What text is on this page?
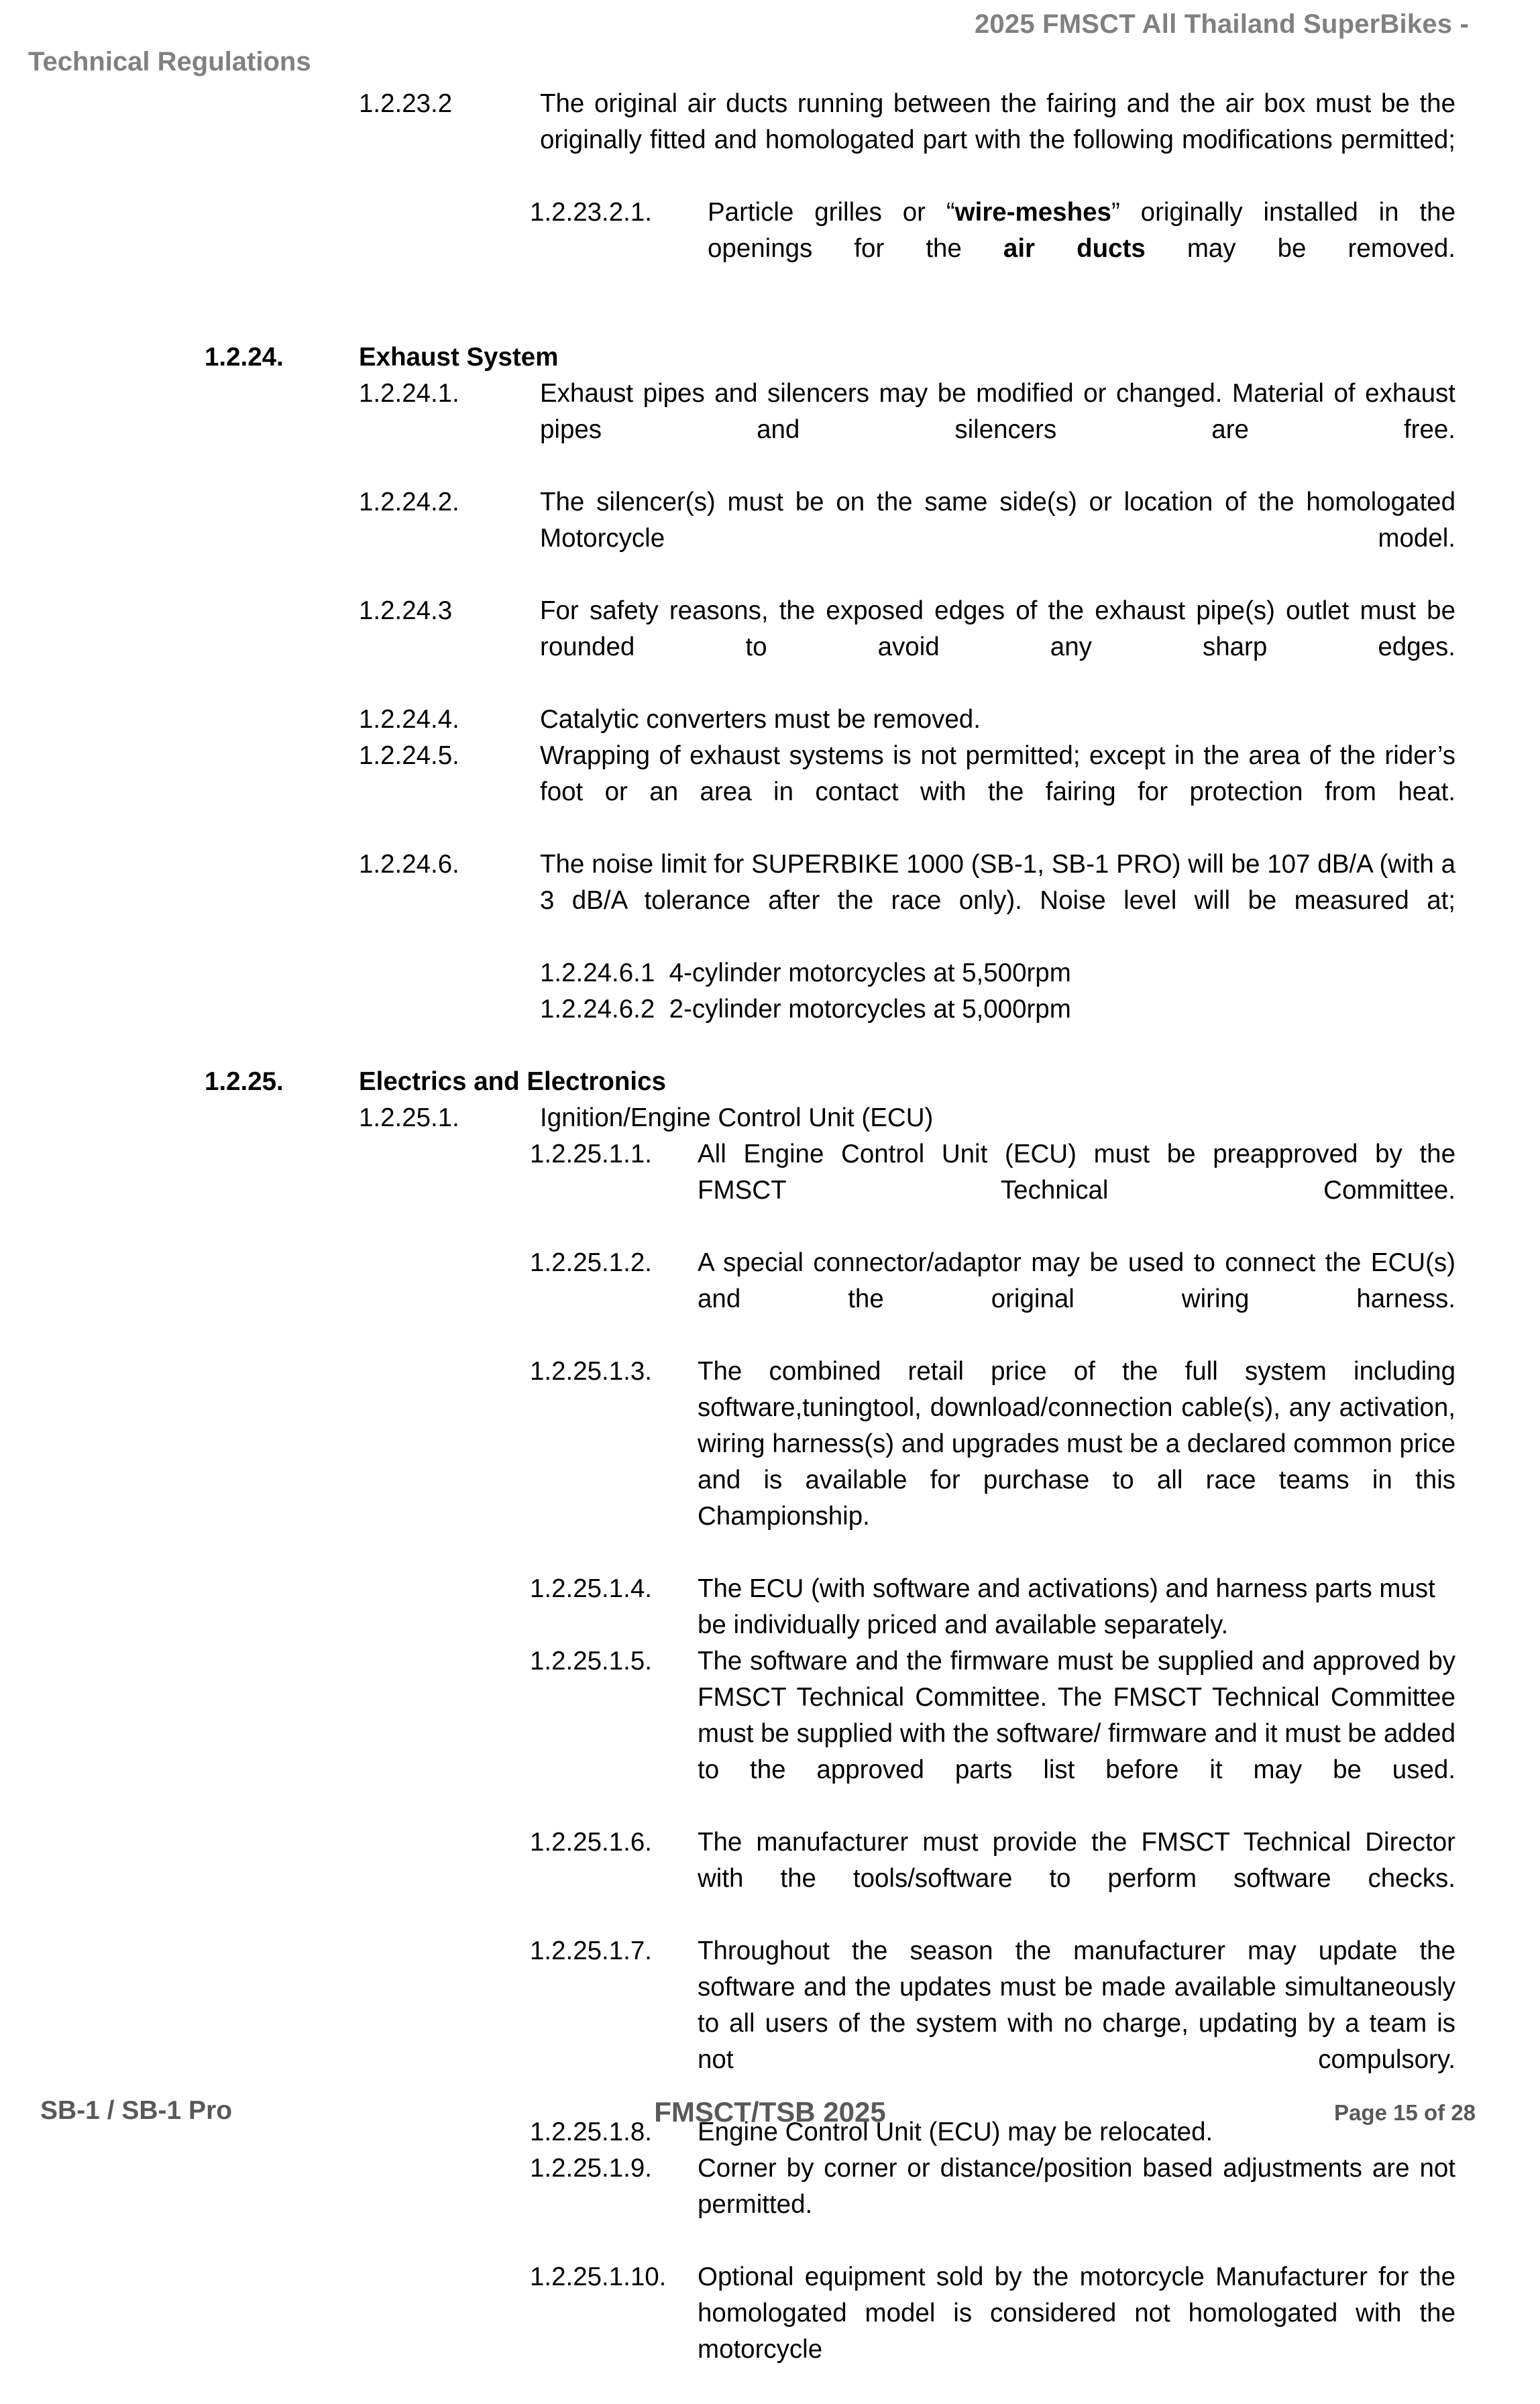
2025 FMSCT All Thailand SuperBikes -
Technical Regulations
1.2.23.2	The original air ducts running between the fairing and the air box must be the originally fitted and homologated part with the following modifications permitted;
1.2.23.2.1. Particle grilles or “wire-meshes” originally installed in the openings for the air ducts may be removed.
1.2.24.	Exhaust System
1.2.24.1.	Exhaust pipes and silencers may be modified or changed. Material of exhaust pipes and silencers are free.
1.2.24.2.	The silencer(s) must be on the same side(s) or location of the homologated Motorcycle model.
1.2.24.3	For safety reasons, the exposed edges of the exhaust pipe(s) outlet must be rounded to avoid any sharp edges.
1.2.24.4.	Catalytic converters must be removed.
1.2.24.5.	Wrapping of exhaust systems is not permitted; except in the area of the rider’s foot or an area in contact with the fairing for protection from heat.
1.2.24.6.	The noise limit for SUPERBIKE 1000 (SB-1, SB-1 PRO) will be 107 dB/A (with a 3 dB/A tolerance after the race only). Noise level will be measured at;
1.2.24.6.1 4-cylinder motorcycles at 5,500rpm
1.2.24.6.2 2-cylinder motorcycles at 5,000rpm
1.2.25.	Electrics and Electronics
1.2.25.1.	Ignition/Engine Control Unit (ECU)
1.2.25.1.1. All Engine Control Unit (ECU) must be preapproved by the FMSCT Technical Committee.
1.2.25.1.2. A special connector/adaptor may be used to connect the ECU(s) and the original wiring harness.
1.2.25.1.3. The combined retail price of the full system including software,tuningtool, download/connection cable(s), any activation, wiring harness(s) and upgrades must be a declared common price and is available for purchase to all race teams in this Championship.
1.2.25.1.4. The ECU (with software and activations) and harness parts must be individually priced and available separately.
1.2.25.1.5. The software and the firmware must be supplied and approved by FMSCT Technical Committee. The FMSCT Technical Committee must be supplied with the software/ firmware and it must be added to the approved parts list before it may be used.
1.2.25.1.6. The manufacturer must provide the FMSCT Technical Director with the tools/software to perform software checks.
1.2.25.1.7. Throughout the season the manufacturer may update the software and the updates must be made available simultaneously to all users of the system with no charge, updating by a team is not compulsory.
1.2.25.1.8. Engine Control Unit (ECU) may be relocated.
1.2.25.1.9. Corner by corner or distance/position based adjustments are not permitted.
1.2.25.1.10. Optional equipment sold by the motorcycle Manufacturer for the homologated model is considered not homologated with the motorcycle
SB-1 / SB-1 Pro	FMSCT/TSB 2025	Page 15 of 28
